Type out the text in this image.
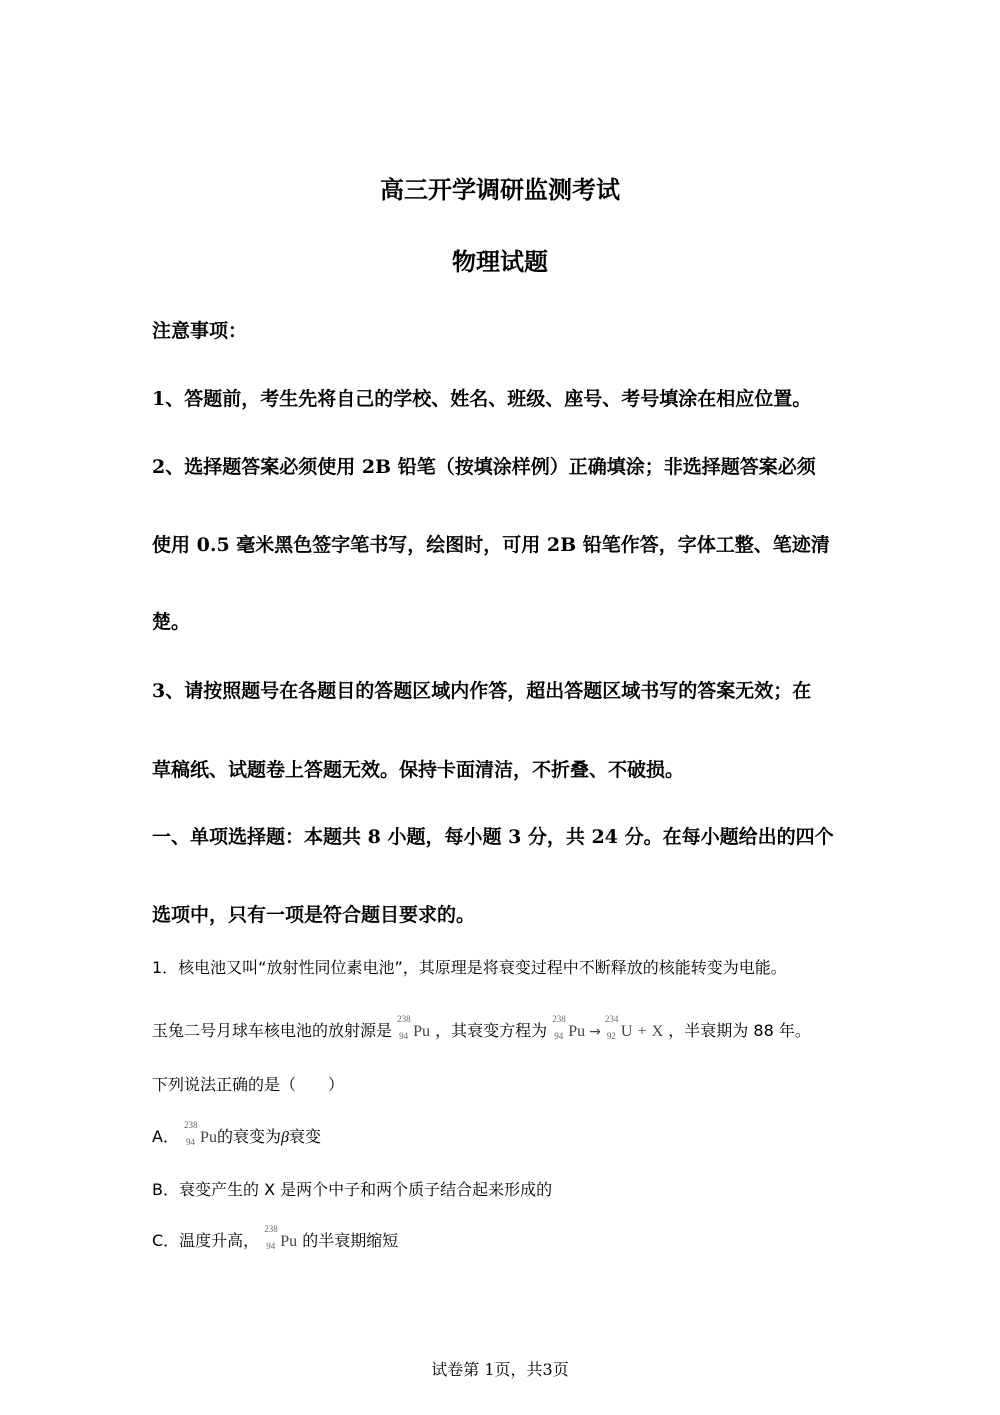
高三开学调研监测考试
物理试题
注意事项：
1、答题前，考生先将自己的学校、姓名、班级、座号、考号填涂在相应位置。
2、选择题答案必须使用 2B 铅笔（按填涂样例）正确填涂；非选择题答案必须
使用 0.5 毫米黑色签字笔书写，绘图时，可用 2B 铅笔作答，字体工整、笔迹清
楚。
3、请按照题号在各题目的答题区域内作答，超出答题区域书写的答案无效；在
草稿纸、试题卷上答题无效。保持卡面清洁，不折叠、不破损。
一、单项选择题：本题共 8 小题，每小题 3 分，共 24 分。在每小题给出的四个
选项中，只有一项是符合题目要求的。
1．核电池又叫“放射性同位素电池”，其原理是将衰变过程中不断释放的核能转变为电能。
玉兔二号月球车核电池的放射源是
238
94 Pu ，其衰变方程为
238
94 Pu →
234
92 U + X ，半衰期为 88 年。
下列说法正确的是（　　）
A．
238
94 Pu的衰变为β衰变
B．衰变产生的 X 是两个中子和两个质子结合起来形成的
C．温度升高，
238
94 Pu 的半衰期缩短
试卷第 1页，共3页
